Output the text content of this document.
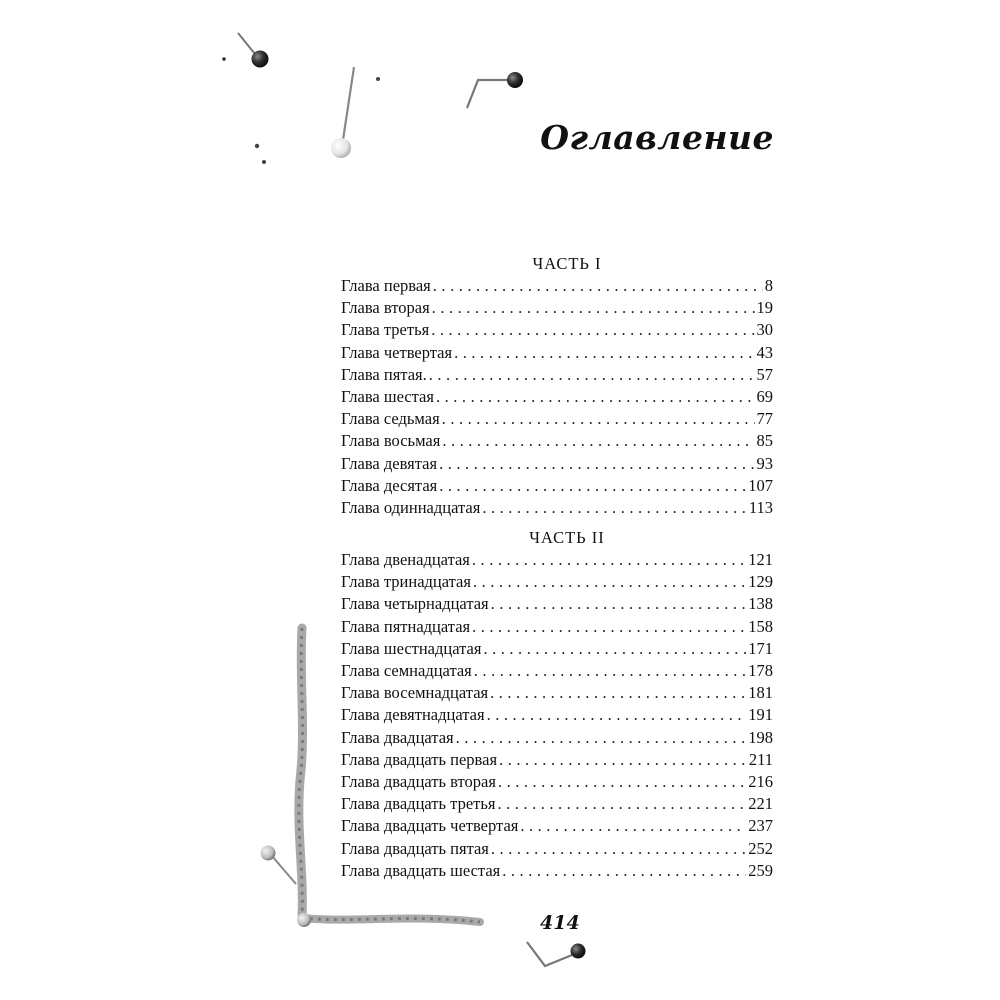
Оглавление
ЧАСТЬ I
Глава первая . . .	8
Глава вторая . . .	19
Глава третья . . .	30
Глава четвертая . . .	43
Глава пятая. . . .	57
Глава шестая . . .	69
Глава седьмая . . .	77
Глава восьмая . . .	85
Глава девятая . . .	93
Глава десятая . . .	107
Глава одиннадцатая . . .	113
ЧАСТЬ II
Глава двенадцатая . . .	121
Глава тринадцатая . . .	129
Глава четырнадцатая . . .	138
Глава пятнадцатая . . .	158
Глава шестнадцатая . . .	171
Глава семнадцатая . . .	178
Глава восемнадцатая . . .	181
Глава девятнадцатая . . .	191
Глава двадцатая . . .	198
Глава двадцать первая . . .	211
Глава двадцать вторая . . .	216
Глава двадцать третья . . .	221
Глава двадцать четвертая . . .	237
Глава двадцать пятая . . .	252
Глава двадцать шестая . . .	259
414
